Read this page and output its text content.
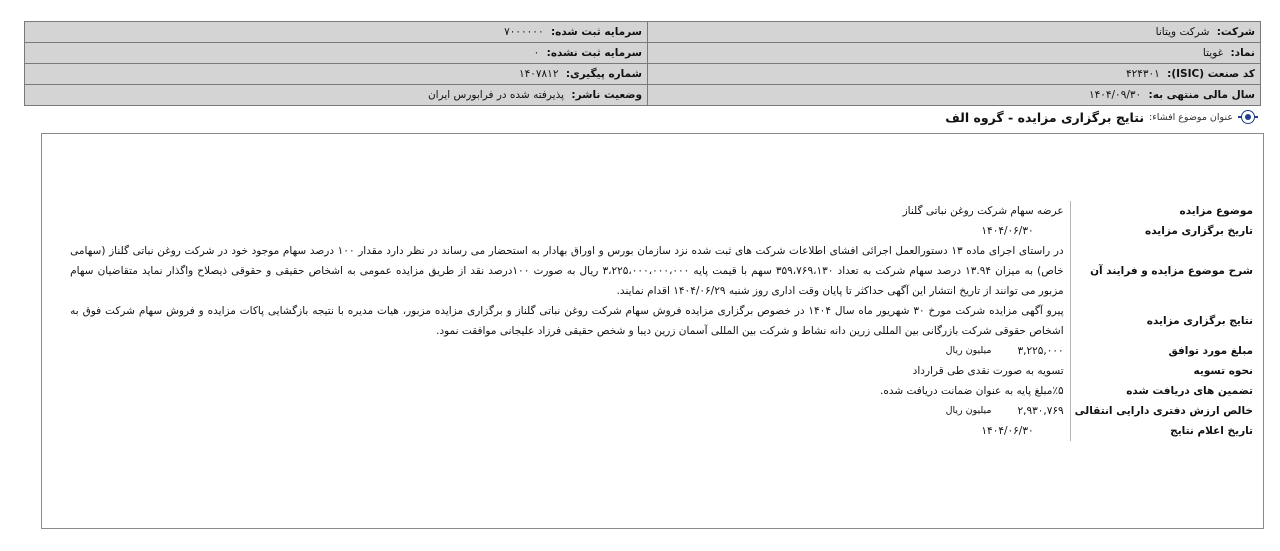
شرکت: شرکت ویتانا	سرمایه ثبت شده: ۷۰۰۰۰۰۰
نماد: غویتا	سرمایه ثبت نشده: ۰
کد صنعت (ISIC): ۴۲۴۳۰۱	شماره پیگیری: ۱۴۰۷۸۱۲
سال مالی منتهی به: ۱۴۰۴/۰۹/۳۰	وضعیت ناشر: پذیرفته شده در فرابورس ایران
عنوان موضوع افشاء:
نتایج برگزاری مزایده - گروه الف
موضوع مزایده	عرضه سهام شرکت روغن نباتی گلناز
تاریخ برگزاری مزایده	۱۴۰۴/۰۶/۳۰
شرح موضوع مزایده و فرایند آن	در راستای اجرای ماده ۱۳ دستورالعمل اجرائی افشای اطلاعات شرکت های ثبت شده نزد سازمان بورس و اوراق بهادار به استحضار می رساند در نظر دارد مقدار ۱۰۰ درصد سهام موجود خود در شرکت روغن نباتی گلناز (سهامی خاص) به میزان ۱۳.۹۴ درصد سهام شرکت به تعداد ۳۵۹،۷۶۹،۱۳۰ سهم با قیمت پایه ۳،۲۲۵،۰۰۰،۰۰۰،۰۰۰ ریال به صورت ۱۰۰درصد نقد از طریق مزایده عمومی به اشخاص حقیقی و حقوقی ذیصلاح واگذار نماید متقاضیان سهام مزبور می توانند از تاریخ انتشار این آگهی حداکثر تا پایان وقت اداری روز شنبه ۱۴۰۴/۰۶/۲۹ اقدام نمایند.
نتایج برگزاری مزایده	پیرو آگهی مزایده شرکت مورخ ۳۰ شهریور ماه سال ۱۴۰۴ در خصوص برگزاری مزایده فروش سهام شرکت روغن نباتی گلناز و برگزاری مزایده مزبور، هیات مدیره با نتیجه بازگشایی پاکات مزایده و فروش سهام شرکت فوق به اشخاص حقوقی شرکت بازرگانی بین المللی زرین دانه نشاط و شرکت بین المللی آسمان زرین دیبا و شخص حقیقی فرزاد علیجانی موافقت نمود.
مبلغ مورد توافق	۳,۲۲۵,۰۰۰
میلیون ریال

نحوه تسویه	تسویه به صورت نقدی طی قرارداد
تضمین های دریافت شده	٪۵مبلغ پایه به عنوان ضمانت دریافت شده.
خالص ارزش دفتری دارایی انتقالی	۲,۹۳۰,۷۶۹
میلیون ریال

تاریخ اعلام نتایج	۱۴۰۴/۰۶/۳۰
